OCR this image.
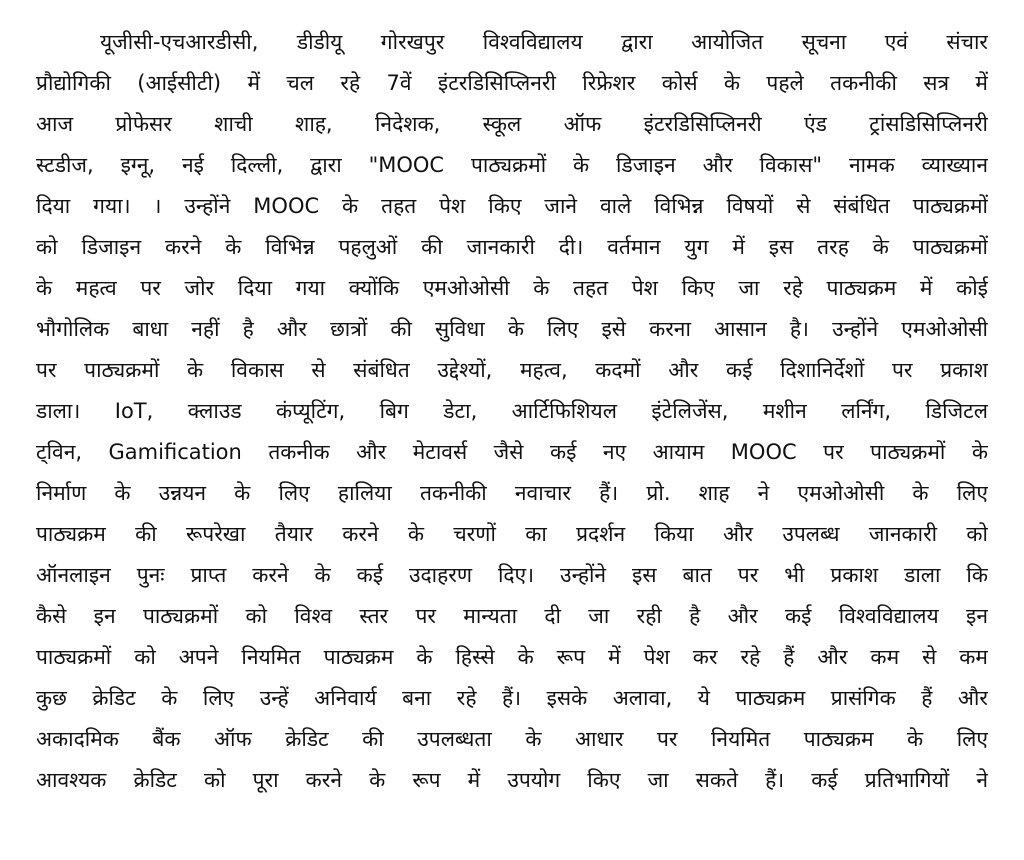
यूजीसी-एचआरडीसी, डीडीयू गोरखपुर विश्वविद्यालय द्वारा आयोजित सूचना एवं संचार
प्रौद्योगिकी (आईसीटी) में चल रहे 7वें इंटरडिसिप्लिनरी रिफ्रेशर कोर्स के पहले तकनीकी सत्र में
आज प्रोफेसर शाची शाह, निदेशक, स्कूल ऑफ इंटरडिसिप्लिनरी एंड ट्रांसडिसिप्लिनरी
स्टडीज, इग्नू, नई दिल्ली, द्वारा "MOOC पाठ्यक्रमों के डिजाइन और विकास" नामक व्याख्यान
दिया गया। । उन्होंने MOOC के तहत पेश किए जाने वाले विभिन्न विषयों से संबंधित पाठ्यक्रमों
को डिजाइन करने के विभिन्न पहलुओं की जानकारी दी। वर्तमान युग में इस तरह के पाठ्यक्रमों
के महत्व पर जोर दिया गया क्योंकि एमओओसी के तहत पेश किए जा रहे पाठ्यक्रम में कोई
भौगोलिक बाधा नहीं है और छात्रों की सुविधा के लिए इसे करना आसान है। उन्होंने एमओओसी
पर पाठ्यक्रमों के विकास से संबंधित उद्देश्यों, महत्व, कदमों और कई दिशानिर्देशों पर प्रकाश
डाला। IoT, क्लाउड कंप्यूटिंग, बिग डेटा, आर्टिफिशियल इंटेलिजेंस, मशीन लर्निंग, डिजिटल
ट्विन, Gamification तकनीक और मेटावर्स जैसे कई नए आयाम MOOC पर पाठ्यक्रमों के
निर्माण के उन्नयन के लिए हालिया तकनीकी नवाचार हैं। प्रो. शाह ने एमओओसी के लिए
पाठ्यक्रम की रूपरेखा तैयार करने के चरणों का प्रदर्शन किया और उपलब्ध जानकारी को
ऑनलाइन पुनः प्राप्त करने के कई उदाहरण दिए। उन्होंने इस बात पर भी प्रकाश डाला कि
कैसे इन पाठ्यक्रमों को विश्व स्तर पर मान्यता दी जा रही है और कई विश्वविद्यालय इन
पाठ्यक्रमों को अपने नियमित पाठ्यक्रम के हिस्से के रूप में पेश कर रहे हैं और कम से कम
कुछ क्रेडिट के लिए उन्हें अनिवार्य बना रहे हैं। इसके अलावा, ये पाठ्यक्रम प्रासंगिक हैं और
अकादमिक बैंक ऑफ क्रेडिट की उपलब्धता के आधार पर नियमित पाठ्यक्रम के लिए
आवश्यक क्रेडिट को पूरा करने के रूप में उपयोग किए जा सकते हैं। कई प्रतिभागियों ने
